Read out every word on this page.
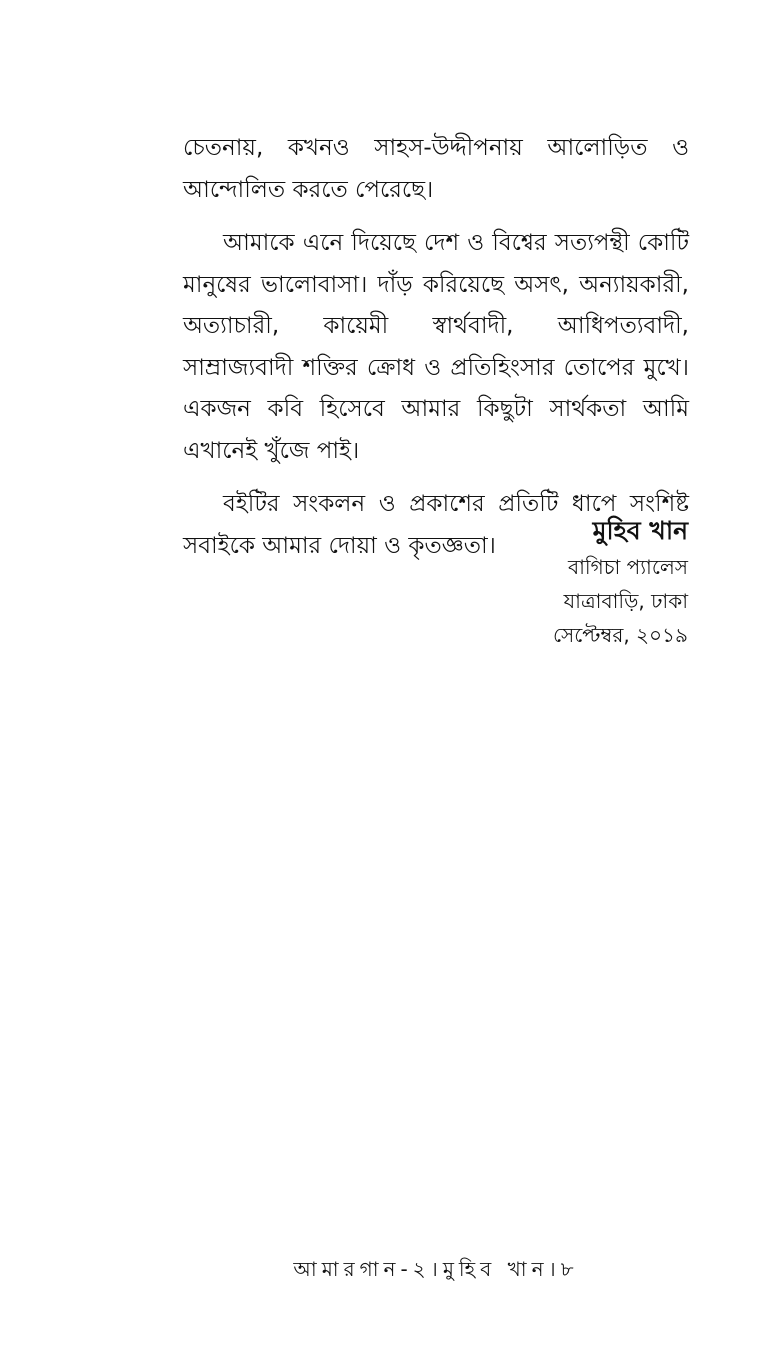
চেতনায়, কখনও সাহস-উদ্দীপনায় আলোড়িত ও আন্দোলিত করতে পেরেছে।

আমাকে এনে দিয়েছে দেশ ও বিশ্বের সত্যপন্থী কোটি মানুষের ভালোবাসা। দাঁড় করিয়েছে অসৎ, অন্যায়কারী, অত্যাচারী, কায়েমী স্বার্থবাদী, আধিপত্যবাদী, সাম্রাজ্যবাদী শক্তির ক্রোধ ও প্রতিহিংসার তোপের মুখে। একজন কবি হিসেবে আমার কিছুটা সার্থকতা আমি এখানেই খুঁজে পাই।

বইটির সংকলন ও প্রকাশের প্রতিটি ধাপে সংশিষ্ট সবাইকে আমার দোয়া ও কৃতজ্ঞতা।

মুহিব খান
বাগিচা প্যালেস
যাত্রাবাড়ি, ঢাকা
সেপ্টেম্বর, ২০১৯
আমারগান-২।মুহিব খান।৮
